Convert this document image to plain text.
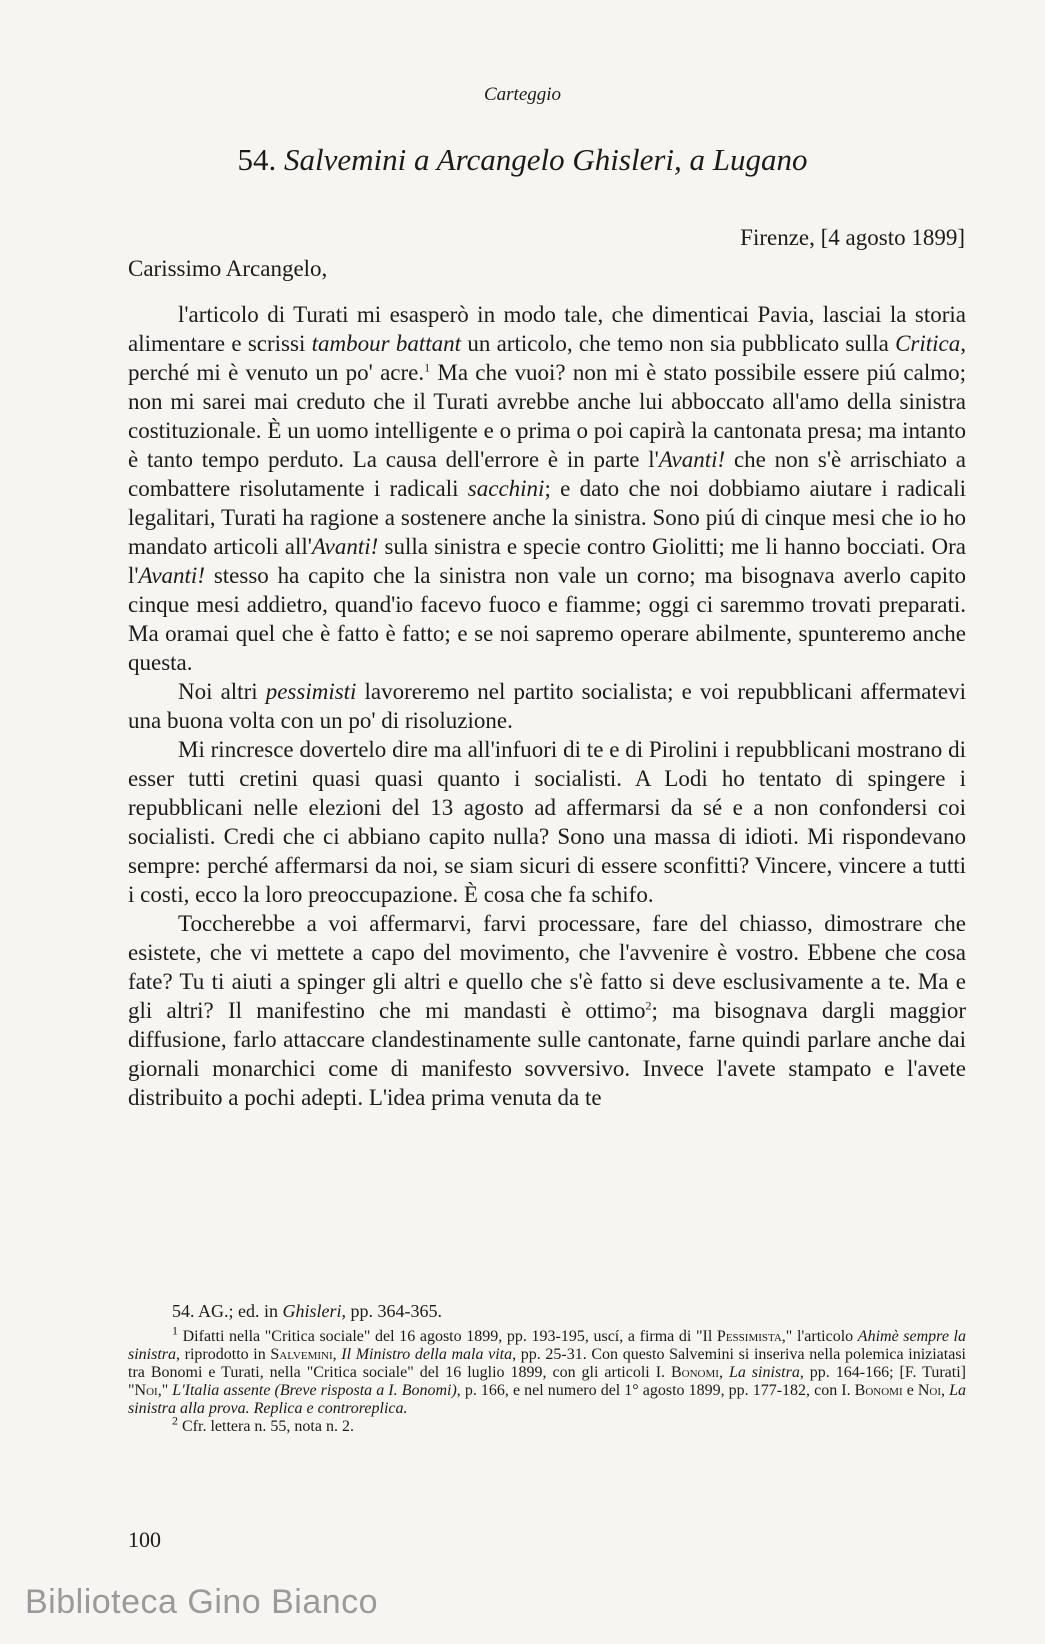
Carteggio
54. Salvemini a Arcangelo Ghisleri, a Lugano
Firenze, [4 agosto 1899]
Carissimo Arcangelo,

l'articolo di Turati mi esasperò in modo tale, che dimenticai Pavia, lasciai la storia alimentare e scrissi tambour battant un articolo, che temo non sia pubblicato sulla Critica, perché mi è venuto un po' acre.$^1$ Ma che vuoi? non mi è stato possibile essere piú calmo; non mi sarei mai creduto che il Turati avrebbe anche lui abboccato all'amo della sinistra costituzionale. È un uomo intelligente e o prima o poi capirà la cantonata presa; ma intanto è tanto tempo perduto. La causa dell'errore è in parte l'Avanti! che non s'è arrischiato a combattere risolutamente i radicali sacchini; e dato che noi dobbiamo aiutare i radicali legalitari, Turati ha ragione a sostenere anche la sinistra. Sono piú di cinque mesi che io ho mandato articoli all'Avanti! sulla sinistra e specie contro Giolitti; me li hanno bocciati. Ora l'Avanti! stesso ha capito che la sinistra non vale un corno; ma bisognava averlo capito cinque mesi addietro, quand'io facevo fuoco e fiamme; oggi ci saremmo trovati preparati. Ma oramai quel che è fatto è fatto; e se noi sapremo operare abilmente, spunteremo anche questa.

Noi altri pessimisti lavoreremo nel partito socialista; e voi repubblicani affermatevi una buona volta con un po' di risoluzione.

Mi rincresce dovertelo dire ma all'infuori di te e di Pirolini i repubblicani mostrano di esser tutti cretini quasi quasi quanto i socialisti. A Lodi ho tentato di spingere i repubblicani nelle elezioni del 13 agosto ad affermarsi da sé e a non confondersi coi socialisti. Credi che ci abbiano capito nulla? Sono una massa di idioti. Mi rispondevano sempre: perché affermarsi da noi, se siam sicuri di essere sconfitti? Vincere, vincere a tutti i costi, ecco la loro preoccupazione. È cosa che fa schifo.

Toccherebbe a voi affermarvi, farvi processare, fare del chiasso, dimostrare che esistete, che vi mettete a capo del movimento, che l'avvenire è vostro. Ebbene che cosa fate? Tu ti aiuti a spinger gli altri e quello che s'è fatto si deve esclusivamente a te. Ma e gli altri? Il manifestino che mi mandasti è ottimo$^2$; ma bisognava dargli maggior diffusione, farlo attaccare clandestinamente sulle cantonate, farne quindi parlare anche dai giornali monarchici come di manifesto sovversivo. Invece l'avete stampato e l'avete distribuito a pochi adepti. L'idea prima venuta da te

54. AG.; ed. in Ghisleri, pp. 364-365.

$^1$ Difatti nella "Critica sociale" del 16 agosto 1899, pp. 193-195, uscí, a firma di "Il Pessimista," l'articolo Ahimè sempre la sinistra, riprodotto in Salvemini, Il Ministro della mala vita, pp. 25-31. Con questo Salvemini si inseriva nella polemica iniziatasi tra Bonomi e Turati, nella "Critica sociale" del 16 luglio 1899, con gli articoli I. Bonomi, La sinistra, pp. 164-166; [F. Turati] "Noi," L'Italia assente (Breve risposta a I. Bonomi), p. 166, e nel numero del 1° agosto 1899, pp. 177-182, con I. Bonomi e Noi, La sinistra alla prova. Replica e controreplica.

$^2$ Cfr. lettera n. 55, nota n. 2.

100
Biblioteca Gino Bianco
